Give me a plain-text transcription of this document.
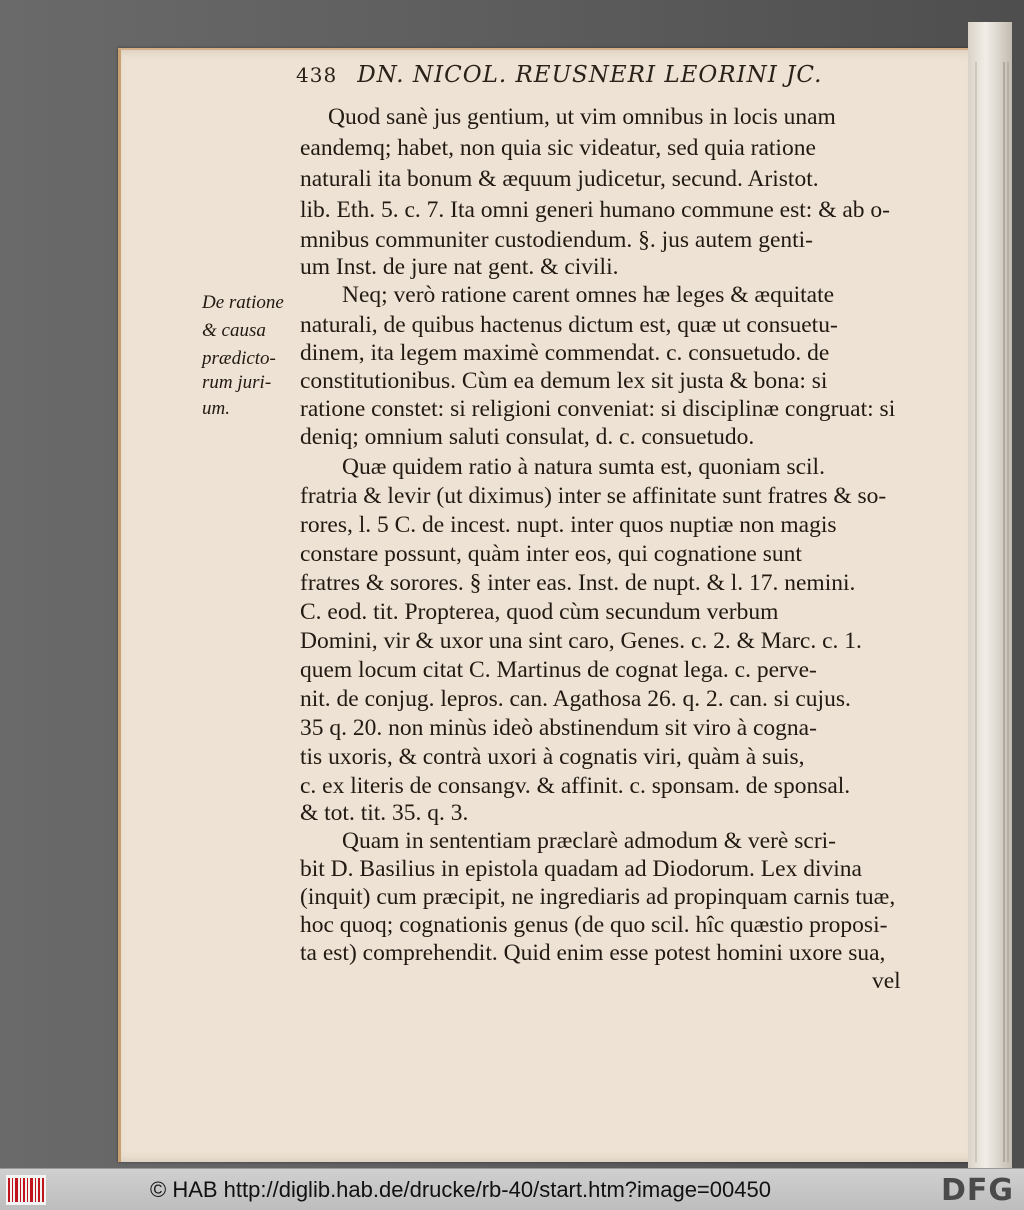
438 DN. NICOL. REUSNERI LEORINI JC.
De ratione
& causa
prædicto-
rum juri-
um.
Quod sanè jus gentium, ut vim omnibus in locis unam
eandemq; habet, non quia sic videatur, sed quia ratione
naturali ita bonum & æquum judicetur, secund. Aristot.
lib. Eth. 5. c. 7. Ita omni generi humano commune est: & ab o-
mnibus communiter custodiendum. §. jus autem genti-
um Inst. de jure nat gent. & civili.
Neq; verò ratione carent omnes hæ leges & æquitate
naturali, de quibus hactenus dictum est, quæ ut consuetu-
dinem, ita legem maximè commendat. c. consuetudo. de
constitutionibus. Cùm ea demum lex sit justa & bona: si
ratione constet: si religioni conveniat: si disciplinæ congruat: si
deniq; omnium saluti consulat, d. c. consuetudo.
Quæ quidem ratio à natura sumta est, quoniam scil.
fratria & levir (ut diximus) inter se affinitate sunt fratres & so-
rores, l. 5 C. de incest. nupt. inter quos nuptiæ non magis
constare possunt, quàm inter eos, qui cognatione sunt
fratres & sorores. § inter eas. Inst. de nupt. & l. 17. nemini.
C. eod. tit. Propterea, quod cùm secundum verbum
Domini, vir & uxor una sint caro, Genes. c. 2. & Marc. c. 1.
quem locum citat C. Martinus de cognat lega. c. perve-
nit. de conjug. lepros. can. Agathosa 26. q. 2. can. si cujus.
35 q. 20. non minùs ideò abstinendum sit viro à cogna-
tis uxoris, & contrà uxori à cognatis viri, quàm à suis,
c. ex literis de consangv. & affinit. c. sponsam. de sponsal.
& tot. tit. 35. q. 3.
Quam in sententiam præclarè admodum & verè scri-
bit D. Basilius in epistola quadam ad Diodorum. Lex divina
(inquit) cum præcipit, ne ingrediaris ad propinquam carnis tuæ,
hoc quoq; cognationis genus (de quo scil. hîc quæstio proposi-
ta est) comprehendit. Quid enim esse potest homini uxore sua,
vel
© HAB http://diglib.hab.de/drucke/rb-40/start.htm?image=00450	DFG
